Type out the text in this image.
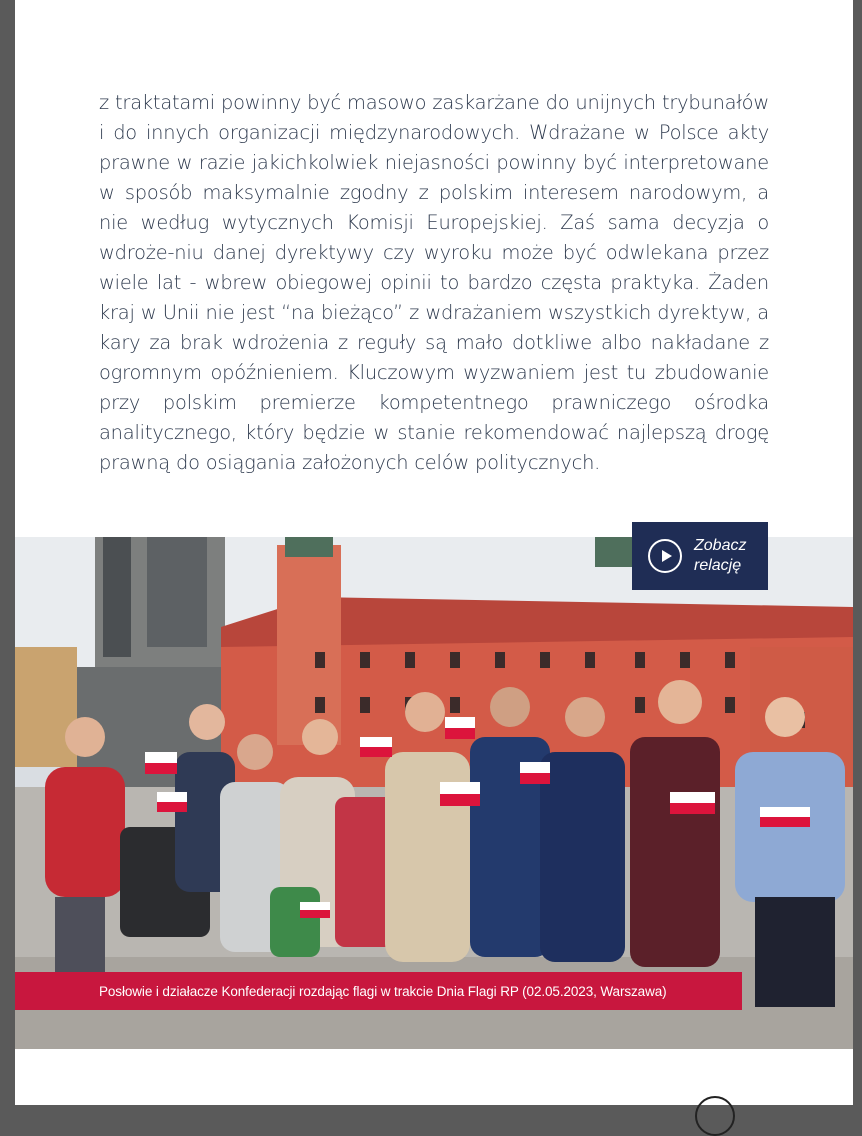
z traktatami powinny być masowo zaskarżane do unijnych trybunałów i do innych organizacji międzynarodowych. Wdrażane w Polsce akty prawne w razie jakichkolwiek niejasności powinny być interpretowane w sposób maksymalnie zgodny z polskim interesem narodowym, a nie według wytycznych Komisji Europejskiej. Zaś sama decyzja o wdroże-niu danej dyrektywy czy wyroku może być odwlekana przez wiele lat - wbrew obiegowej opinii to bardzo częsta praktyka. Żaden kraj w Unii nie jest “na bieżąco” z wdrażaniem wszystkich dyrektyw, a kary za brak wdrożenia z reguły są mało dotkliwe albo nakładane z ogromnym opóźnieniem. Kluczowym wyzwaniem jest tu zbudowanie przy polskim premierze kompetentnego prawniczego ośrodka analitycznego, który będzie w stanie rekomendować najlepszą drogę prawną do osiągania założonych celów politycznych.

Zobacz
relację
Posłowie i działacze Konfederacji rozdając flagi w trakcie Dnia Flagi RP (02.05.2023, Warszawa)
